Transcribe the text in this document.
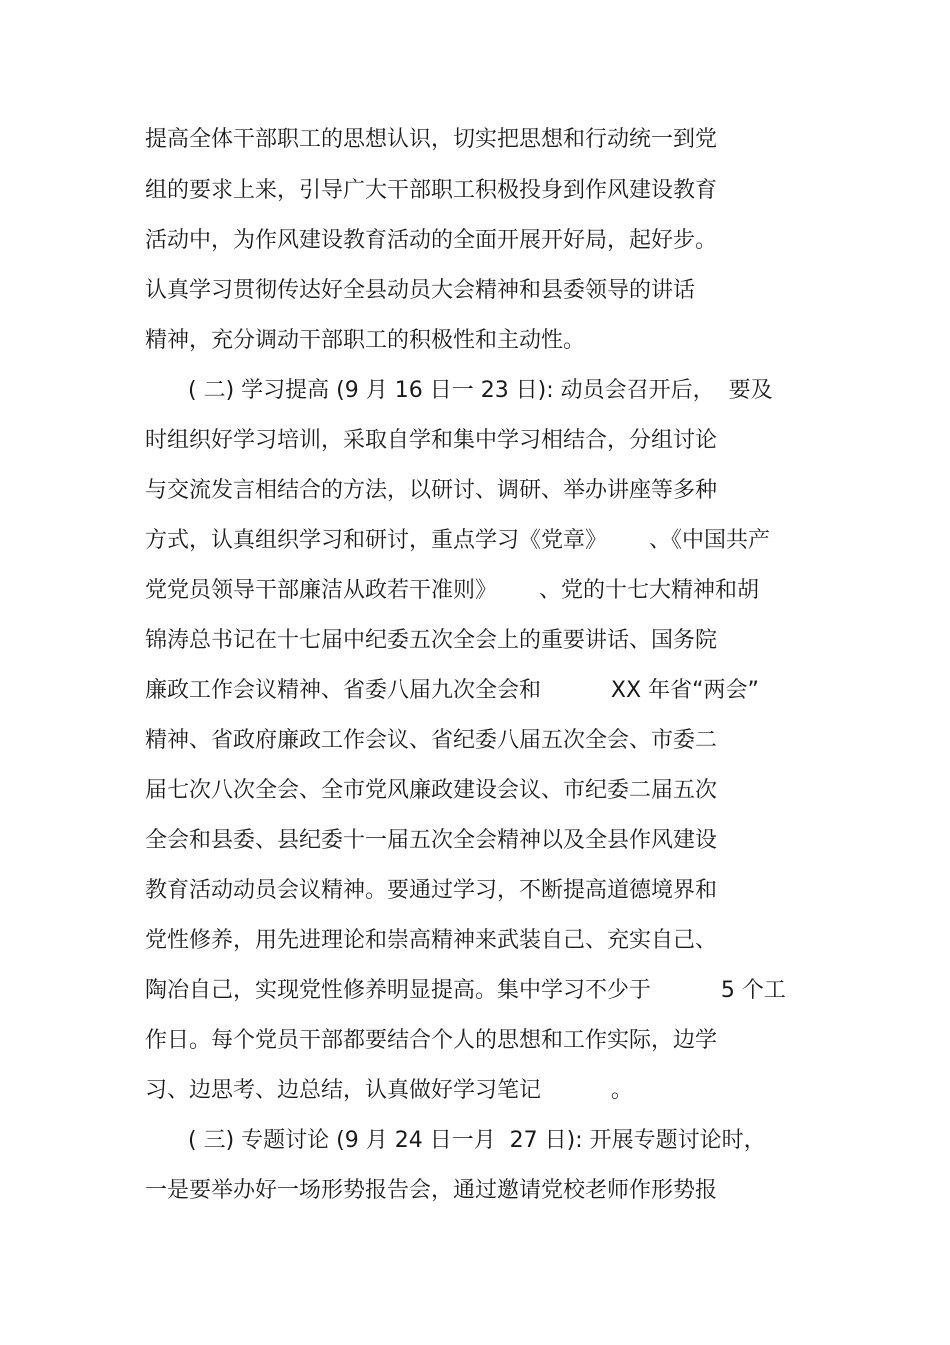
提高全体干部职工的思想认识，切实把思想和行动统一到党
组的要求上来，引导广大干部职工积极投身到作风建设教育
活动中，为作风建设教育活动的全面开展开好局，起好步。
认真学习贯彻传达好全县动员大会精神和县委领导的讲话
精神，充分调动干部职工的积极性和主动性。
( 二) 学习提高 (9 月 16 日一 23 日): 动员会召开后，  要及
时组织好学习培训，采取自学和集中学习相结合，分组讨论
与交流发言相结合的方法，以研讨、调研、举办讲座等多种
方式，认真组织学习和研讨，重点学习《党章》      、《中国共产
党党员领导干部廉洁从政若干准则》      、党的十七大精神和胡
锦涛总书记在十七届中纪委五次全会上的重要讲话、国务院
廉政工作会议精神、省委八届九次全会和          XX 年省“两会”
精神、省政府廉政工作会议、省纪委八届五次全会、市委二
届七次八次全会、全市党风廉政建设会议、市纪委二届五次
全会和县委、县纪委十一届五次全会精神以及全县作风建设
教育活动动员会议精神。要通过学习，不断提高道德境界和
党性修养，用先进理论和崇高精神来武装自己、充实自己、
陶冶自己，实现党性修养明显提高。集中学习不少于          5 个工
作日。每个党员干部都要结合个人的思想和工作实际，边学
习、边思考、边总结，认真做好学习笔记          。
( 三) 专题讨论 (9 月 24 日一月  27 日): 开展专题讨论时，
一是要举办好一场形势报告会，通过邀请党校老师作形势报
